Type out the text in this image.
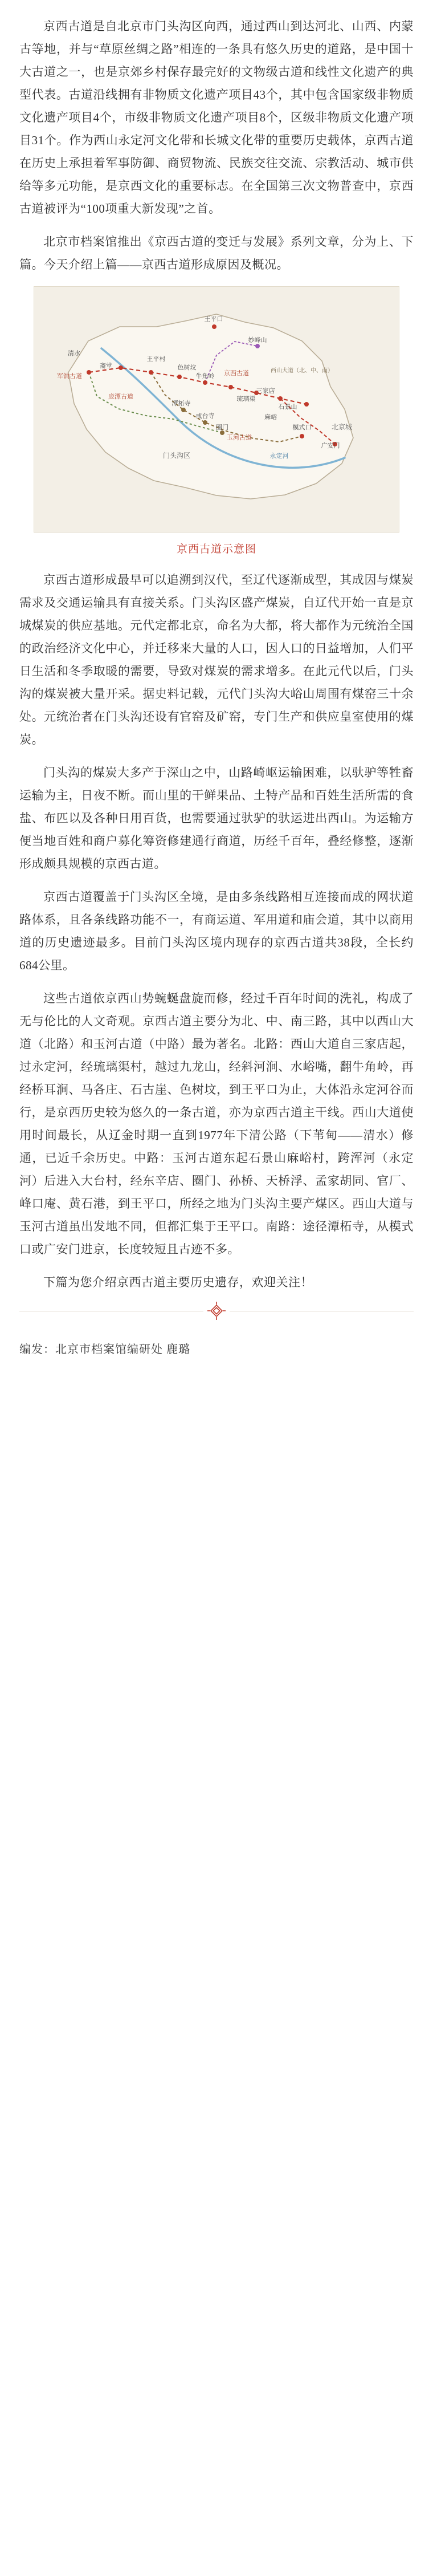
京西古道是自北京市门头沟区向西，通过西山到达河北、山西、内蒙古等地，并与“草原丝绸之路”相连的一条具有悠久历史的道路，是中国十大古道之一，也是京郊乡村保存最完好的文物级古道和线性文化遗产的典型代表。古道沿线拥有非物质文化遗产项目43个，其中包含国家级非物质文化遗产项目4个，市级非物质文化遗产项目8个，区级非物质文化遗产项目31个。作为西山永定河文化带和长城文化带的重要历史载体，京西古道在历史上承担着军事防御、商贸物流、民族交往交流、宗教活动、城市供给等多元功能，是京西文化的重要标志。在全国第三次文物普查中，京西古道被评为“100项重大新发现”之首。

北京市档案馆推出《京西古道的变迁与发展》系列文章，分为上、下篇。今天介绍上篇——京西古道形成原因及概况。

王平口
妙峰山
清水
斋堂
军饷古道
王平村
色树坟
牛角岭 京西古道
庞潭古道
潭柘寺
戒台寺
三家店
琉璃渠
石景山
麻峪
圈门
玉河古道
西山大道（北、中、南）
门头沟区	永定河
模式口
广安门
北京城
京西古道示意图

京西古道形成最早可以追溯到汉代，至辽代逐渐成型，其成因与煤炭需求及交通运输具有直接关系。门头沟区盛产煤炭，自辽代开始一直是京城煤炭的供应基地。元代定都北京，命名为大都，将大都作为元统治全国的政治经济文化中心，并迁移来大量的人口，因人口的日益增加，人们平日生活和冬季取暖的需要，导致对煤炭的需求增多。在此元代以后，门头沟的煤炭被大量开采。据史料记载，元代门头沟大峪山周围有煤窑三十余处。元统治者在门头沟还设有官窑及矿窑，专门生产和供应皇室使用的煤炭。

门头沟的煤炭大多产于深山之中，山路崎岖运输困难，以驮驴等牲畜运输为主，日夜不断。而山里的干鲜果品、土特产品和百姓生活所需的食盐、布匹以及各种日用百货，也需要通过驮驴的驮运进出西山。为运输方便当地百姓和商户募化筹资修建通行商道，历经千百年，叠经修整，逐渐形成颇具规模的京西古道。

京西古道覆盖于门头沟区全境，是由多条线路相互连接而成的网状道路体系，且各条线路功能不一，有商运道、军用道和庙会道，其中以商用道的历史遗迹最多。目前门头沟区境内现存的京西古道共38段，全长约684公里。

这些古道依京西山势蜿蜒盘旋而修，经过千百年时间的洗礼，构成了无与伦比的人文奇观。京西古道主要分为北、中、南三路，其中以西山大道（北路）和玉河古道（中路）最为著名。北路：西山大道自三家店起，过永定河，经琉璃渠村，越过九龙山，经斜河涧、水峪嘴，翻牛角岭，再经桥耳涧、马各庄、石古崖、色树坟，到王平口为止，大体沿永定河谷而行，是京西历史较为悠久的一条古道，亦为京西古道主干线。西山大道使用时间最长，从辽金时期一直到1977年下清公路（下苇甸——清水）修通，已近千余历史。中路：玉河古道东起石景山麻峪村，跨浑河（永定河）后进入大台村，经东辛店、圈门、孙桥、天桥浮、孟家胡同、官厂、峰口庵、黄石港，到王平口，所经之地为门头沟主要产煤区。西山大道与玉河古道虽出发地不同，但都汇集于王平口。南路：途径潭柘寺，从模式口或广安门进京，长度较短且古迹不多。

下篇为您介绍京西古道主要历史遗存，欢迎关注！

编发：北京市档案馆编研处 鹿璐
